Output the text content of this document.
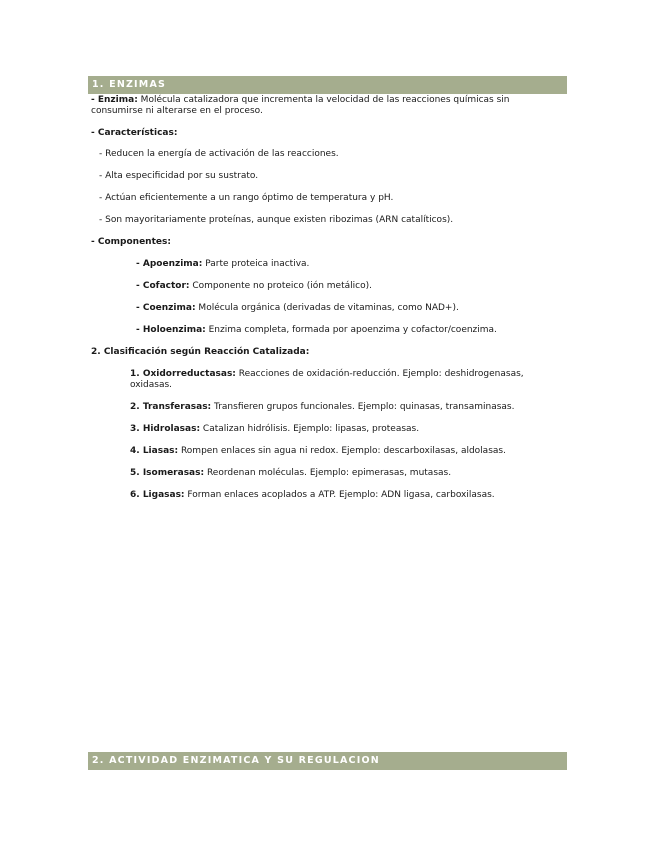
1. ENZIMAS
- Enzima: Molécula catalizadora que incrementa la velocidad de las reacciones químicas sin consumirse ni alterarse en el proceso.
- Características:
- Reducen la energía de activación de las reacciones.
- Alta especificidad por su sustrato.
- Actúan eficientemente a un rango óptimo de temperatura y pH.
- Son mayoritariamente proteínas, aunque existen ribozimas (ARN catalíticos).
- Componentes:
- Apoenzima: Parte proteica inactiva.
- Cofactor: Componente no proteico (ión metálico).
- Coenzima: Molécula orgánica (derivadas de vitaminas, como NAD+).
- Holoenzima: Enzima completa, formada por apoenzima y cofactor/coenzima.
2. Clasificación según Reacción Catalizada:
1. Oxidorreductasas: Reacciones de oxidación-reducción. Ejemplo: deshidrogenasas, oxidasas.
2. Transferasas: Transfieren grupos funcionales. Ejemplo: quinasas, transaminasas.
3. Hidrolasas: Catalizan hidrólisis. Ejemplo: lipasas, proteasas.
4. Liasas: Rompen enlaces sin agua ni redox. Ejemplo: descarboxilasas, aldolasas.
5. Isomerasas: Reordenan moléculas. Ejemplo: epimerasas, mutasas.
6. Ligasas: Forman enlaces acoplados a ATP. Ejemplo: ADN ligasa, carboxilasas.
2. ACTIVIDAD ENZIMATICA Y SU REGULACION
